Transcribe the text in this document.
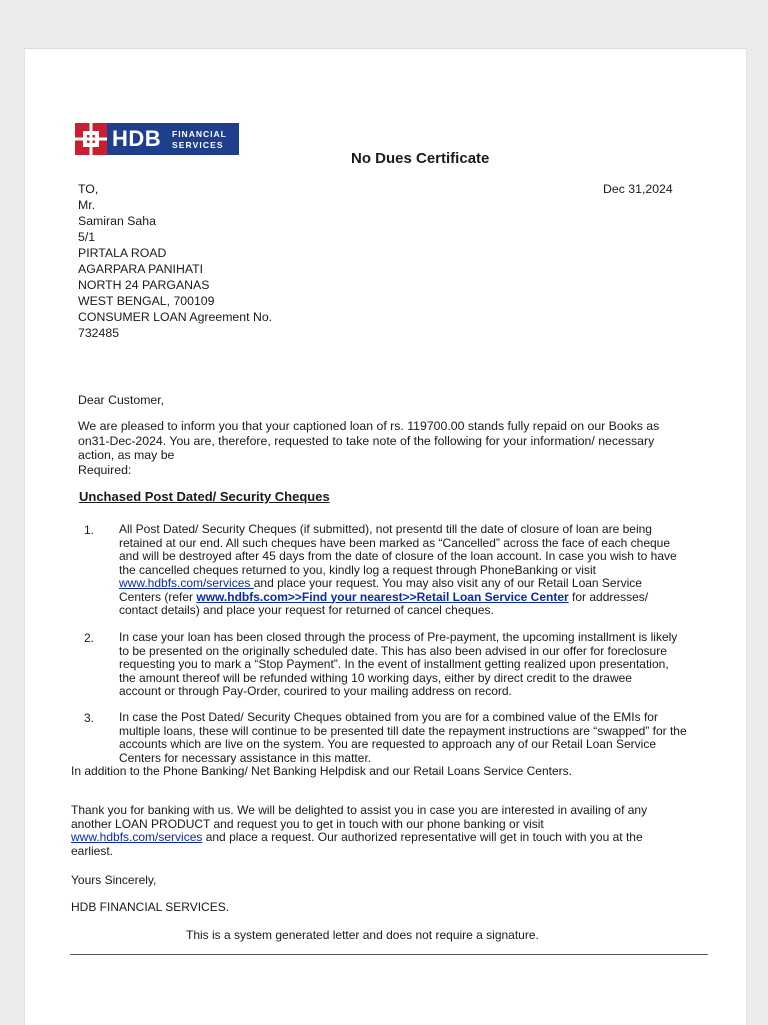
HDB FINANCIAL
SERVICES
No Dues Certificate
Dec 31,2024
TO,
Mr.
Samiran Saha
5/1
PIRTALA ROAD
AGARPARA PANIHATI
NORTH 24 PARGANAS
WEST BENGAL, 700109
CONSUMER LOAN Agreement No.
732485
Dear Customer,
We are pleased to inform you that your captioned loan of rs. 119700.00 stands fully repaid on our Books as
on31-Dec-2024. You are, therefore, requested to take note of the following for your information/ necessary
action, as may be
Required:
Unchased Post Dated/ Security Cheques
1. All Post Dated/ Security Cheques (if submitted), not presentd till the date of closure of loan are being
retained at our end. All such cheques have been marked as “Cancelled” across the face of each cheque
and will be destroyed after 45 days from the date of closure of the loan account. In case you wish to have
the cancelled cheques returned to you, kindly log a request through PhoneBanking or visit
www.hdbfs.com/services and place your request. You may also visit any of our Retail Loan Service
Centers (refer www.hdbfs.com>>Find your nearest>>Retail Loan Service Center for addresses/
contact details) and place your request for returned of cancel cheques.
2. In case your loan has been closed through the process of Pre-payment, the upcoming installment is likely
to be presented on the originally scheduled date. This has also been advised in our offer for foreclosure
requesting you to mark a “Stop Payment”. In the event of installment getting realized upon presentation,
the amount thereof will be refunded withing 10 working days, either by direct credit to the drawee
account or through Pay-Order, courired to your mailing address on record.
3. In case the Post Dated/ Security Cheques obtained from you are for a combined value of the EMIs for
multiple loans, these will continue to be presented till date the repayment instructions are “swapped” for the
accounts which are live on the system. You are requested to approach any of our Retail Loan Service
Centers for necessary assistance in this matter.
In addition to the Phone Banking/ Net Banking Helpdisk and our Retail Loans Service Centers.
Thank you for banking with us. We will be delighted to assist you in case you are interested in availing of any
another LOAN PRODUCT and request you to get in touch with our phone banking or visit
www.hdbfs.com/services and place a request. Our authorized representative will get in touch with you at the
earliest.
Yours Sincerely,
HDB FINANCIAL SERVICES.
This is a system generated letter and does not require a signature.
